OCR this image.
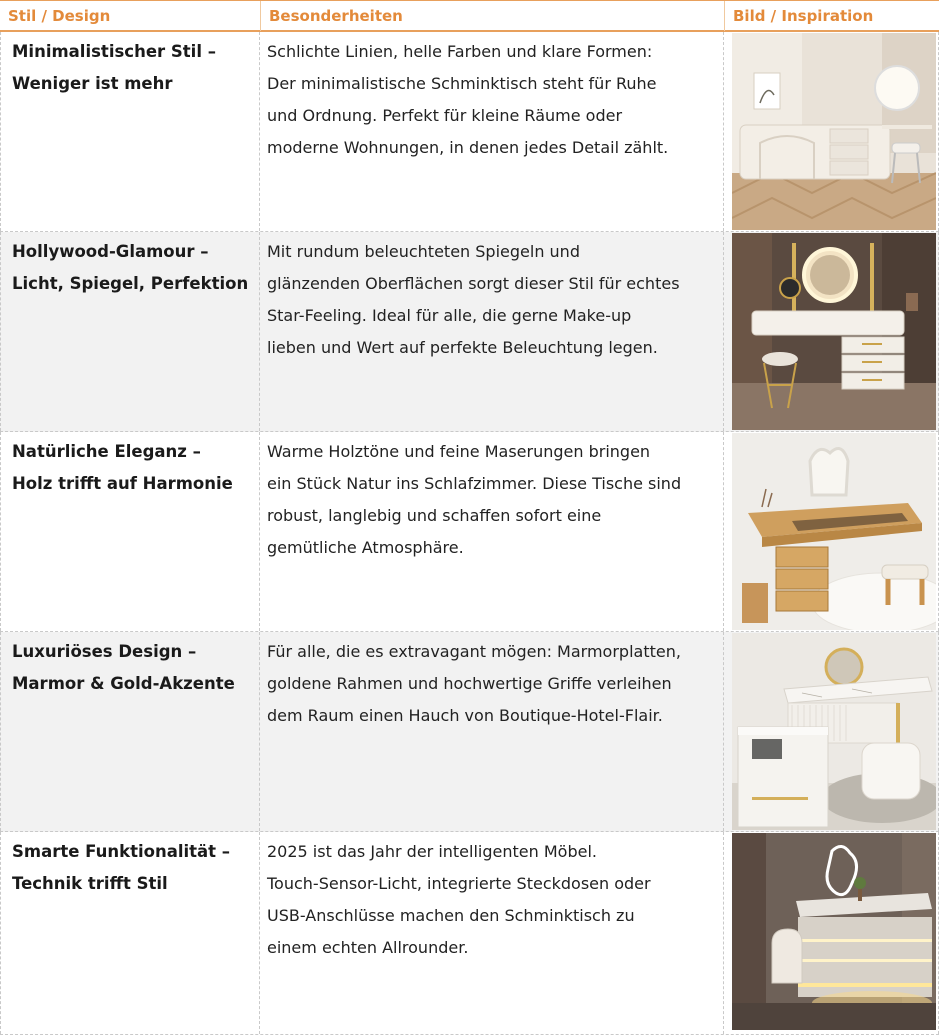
Stil / Design	Besonderheiten	Bild / Inspiration
Minimalistischer Stil –
Weniger ist mehr
Schlichte Linien, helle Farben und klare Formen:
Der minimalistische Schminktisch steht für Ruhe
und Ordnung. Perfekt für kleine Räume oder
moderne Wohnungen, in denen jedes Detail zählt.
Hollywood-Glamour –
Licht, Spiegel, Perfektion
Mit rundum beleuchteten Spiegeln und
glänzenden Oberflächen sorgt dieser Stil für echtes
Star-Feeling. Ideal für alle, die gerne Make-up
lieben und Wert auf perfekte Beleuchtung legen.
Natürliche Eleganz –
Holz trifft auf Harmonie
Warme Holztöne und feine Maserungen bringen
ein Stück Natur ins Schlafzimmer. Diese Tische sind
robust, langlebig und schaffen sofort eine
gemütliche Atmosphäre.
Luxuriöses Design –
Marmor & Gold-Akzente
Für alle, die es extravagant mögen: Marmorplatten,
goldene Rahmen und hochwertige Griffe verleihen
dem Raum einen Hauch von Boutique-Hotel-Flair.
Smarte Funktionalität –
Technik trifft Stil
2025 ist das Jahr der intelligenten Möbel.
Touch-Sensor-Licht, integrierte Steckdosen oder
USB-Anschlüsse machen den Schminktisch zu
einem echten Allrounder.
